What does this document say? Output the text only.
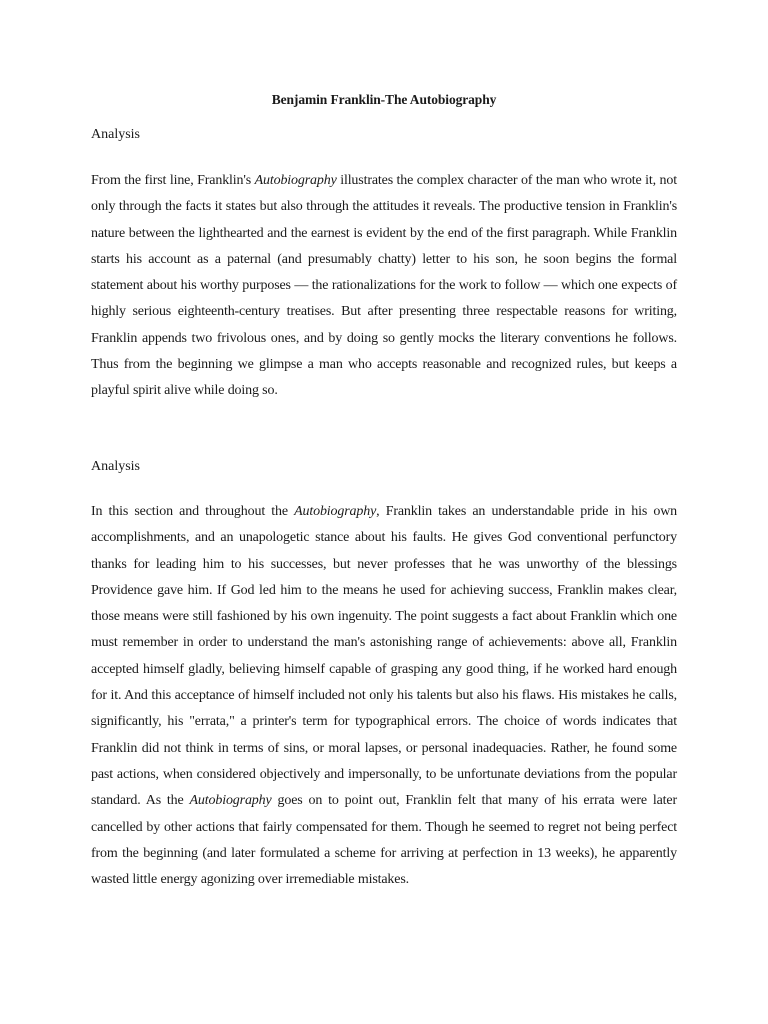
Benjamin Franklin-The Autobiography
Analysis

From the first line, Franklin's Autobiography illustrates the complex character of the man who wrote it, not only through the facts it states but also through the attitudes it reveals. The productive tension in Franklin's nature between the lighthearted and the earnest is evident by the end of the first paragraph. While Franklin starts his account as a paternal (and presumably chatty) letter to his son, he soon begins the formal statement about his worthy purposes — the rationalizations for the work to follow — which one expects of highly serious eighteenth-century treatises. But after presenting three respectable reasons for writing, Franklin appends two frivolous ones, and by doing so gently mocks the literary conventions he follows. Thus from the beginning we glimpse a man who accepts reasonable and recognized rules, but keeps a playful spirit alive while doing so.

Analysis

In this section and throughout the Autobiography, Franklin takes an understandable pride in his own accomplishments, and an unapologetic stance about his faults. He gives God conventional perfunctory thanks for leading him to his successes, but never professes that he was unworthy of the blessings Providence gave him. If God led him to the means he used for achieving success, Franklin makes clear, those means were still fashioned by his own ingenuity. The point suggests a fact about Franklin which one must remember in order to understand the man's astonishing range of achievements: above all, Franklin accepted himself gladly, believing himself capable of grasping any good thing, if he worked hard enough for it. And this acceptance of himself included not only his talents but also his flaws. His mistakes he calls, significantly, his "errata," a printer's term for typographical errors. The choice of words indicates that Franklin did not think in terms of sins, or moral lapses, or personal inadequacies. Rather, he found some past actions, when considered objectively and impersonally, to be unfortunate deviations from the popular standard. As the Autobiography goes on to point out, Franklin felt that many of his errata were later cancelled by other actions that fairly compensated for them. Though he seemed to regret not being perfect from the beginning (and later formulated a scheme for arriving at perfection in 13 weeks), he apparently wasted little energy agonizing over irremediable mistakes.
